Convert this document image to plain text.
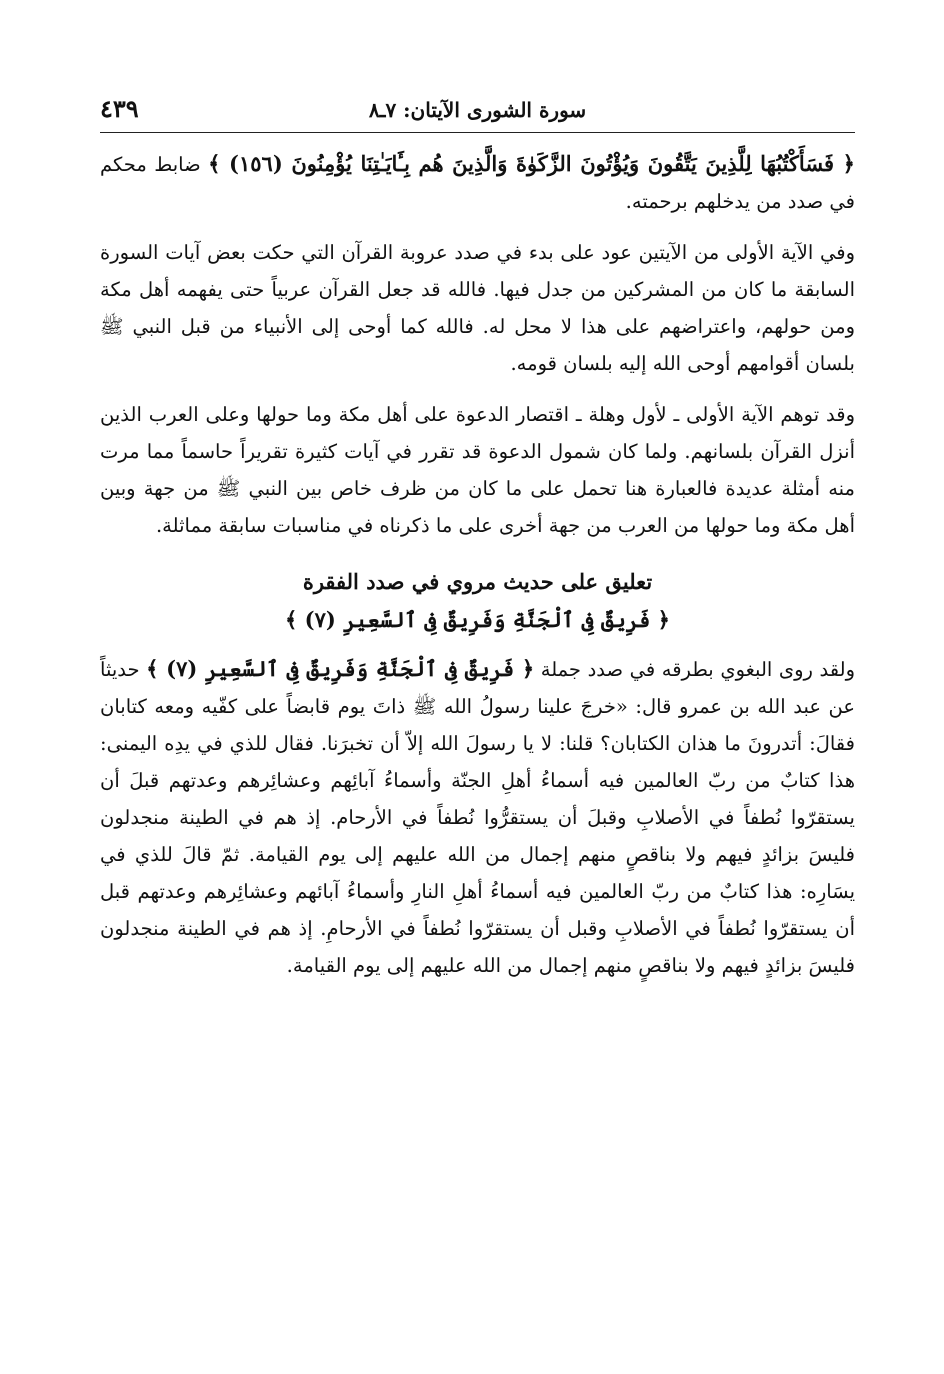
سورة الشورى الآيتان: ٧ـ٨
٤٣٩

﴿ فَسَأَكْتُبُهَا لِلَّذِينَ يَتَّقُونَ وَيُؤْتُونَ الزَّكَوٰةَ وَالَّذِينَ هُم بِـَٔايَـٰتِنَا يُؤْمِنُونَ (١٥٦) ﴾ ضابط محكم في صدد من يدخلهم برحمته.

وفي الآية الأولى من الآيتين عود على بدء في صدد عروبة القرآن التي حكت بعض آيات السورة السابقة ما كان من المشركين من جدل فيها. فالله قد جعل القرآن عربياً حتى يفهمه أهل مكة ومن حولهم، واعتراضهم على هذا لا محل له. فالله كما أوحى إلى الأنبياء من قبل النبي ﷺ بلسان أقوامهم أوحى الله إليه بلسان قومه.

وقد توهم الآية الأولى ـ لأول وهلة ـ اقتصار الدعوة على أهل مكة وما حولها وعلى العرب الذين أنزل القرآن بلسانهم. ولما كان شمول الدعوة قد تقرر في آيات كثيرة تقريراً حاسماً مما مرت منه أمثلة عديدة فالعبارة هنا تحمل على ما كان من ظرف خاص بين النبي ﷺ من جهة وبين أهل مكة وما حولها من العرب من جهة أخرى على ما ذكرناه في مناسبات سابقة مماثلة.

تعليق على حديث مروي في صدد الفقرة
﴿ فَرِيقٌ فِى ٱلْجَنَّةِ وَفَرِيقٌ فِى ٱلسَّعِيرِ (٧) ﴾

ولقد روى البغوي بطرقه في صدد جملة ﴿ فَرِيقٌ فِى ٱلْجَنَّةِ وَفَرِيقٌ فِى ٱلسَّعِيرِ (٧) ﴾ حديثاً عن عبد الله بن عمرو قال: «خرجَ علينا رسولُ الله ﷺ ذاتَ يوم قابضاً على كفّيه ومعه كتابان فقالَ: أتدرونَ ما هذان الكتابان؟ قلنا: لا يا رسولَ الله إلاّ أن تخبرَنا. فقال للذي في يدِه اليمنى: هذا كتابٌ من ربّ العالمين فيه أسماءُ أهلِ الجنّة وأسماءُ آبائِهم وعشائِرهم وعدتهم قبلَ أن يستقرّوا نُطفاً في الأصلابِ وقبلَ أن يستقرُّوا نُطفاً في الأرحام. إذ هم في الطينة منجدلون فليسَ بزائدٍ فيهم ولا بناقصٍ منهم إجمال من الله عليهم إلى يوم القيامة. ثمّ قالَ للذي في يسَارِه: هذا كتابٌ من ربّ العالمين فيه أسماءُ أهلِ النارِ وأسماءُ آبائهم وعشائِرهم وعدتهم قبل أن يستقرّوا نُطفاً في الأصلابِ وقبل أن يستقرّوا نُطفاً في الأرحامِ. إذ هم في الطينة منجدلون فليسَ بزائدٍ فيهم ولا بناقصٍ منهم إجمال من الله عليهم إلى يوم القيامة.
